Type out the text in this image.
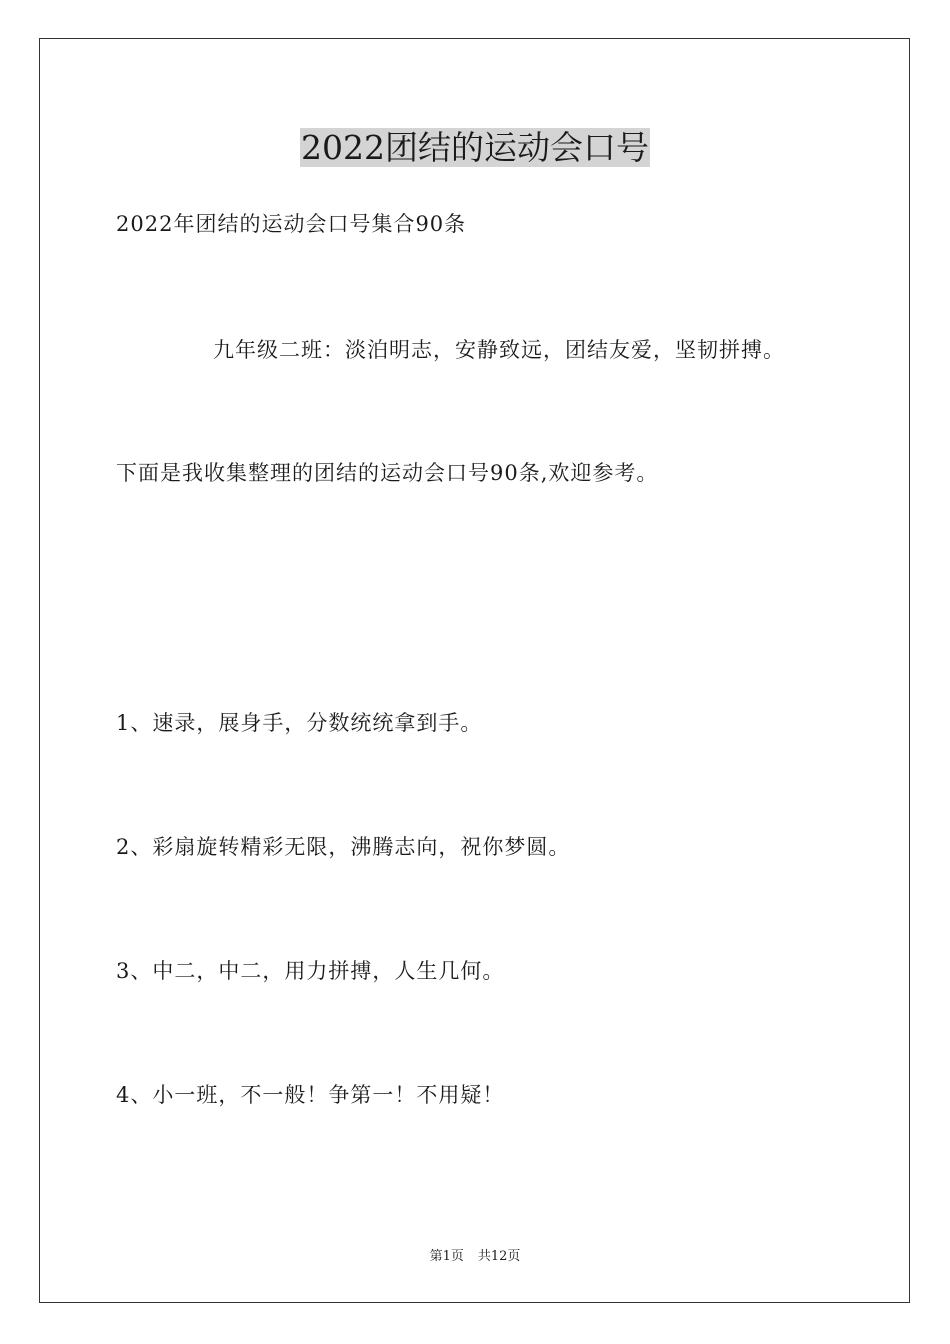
2022团结的运动会口号
2022年团结的运动会口号集合90条
九年级二班：淡泊明志，安静致远，团结友爱，坚韧拼搏。
下面是我收集整理的团结的运动会口号90条,欢迎参考。
1、速录，展身手，分数统统拿到手。
2、彩扇旋转精彩无限，沸腾志向，祝你梦圆。
3、中二，中二，用力拼搏，人生几何。
4、小一班，不一般！争第一！不用疑！
第1页 共12页
